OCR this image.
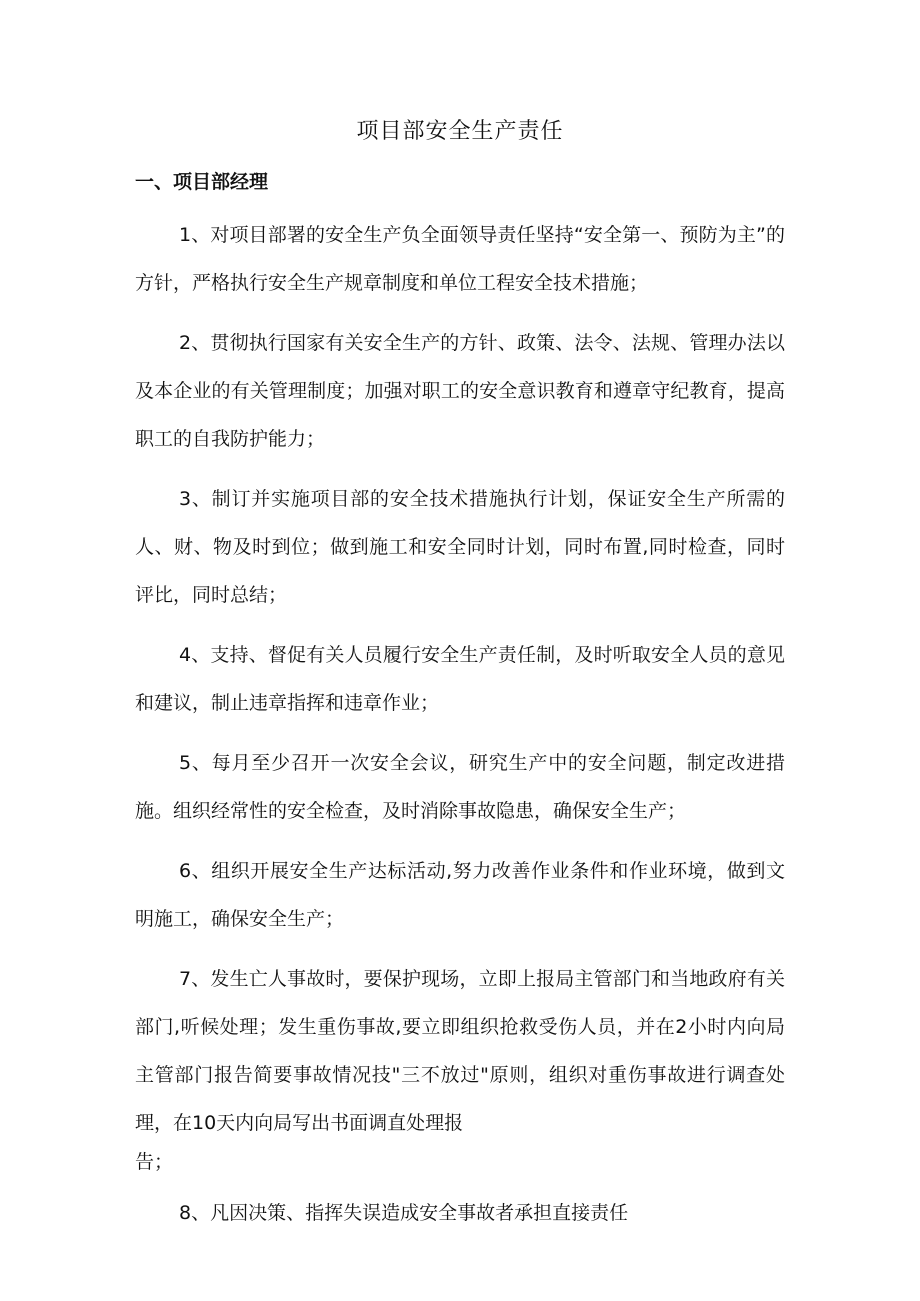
项目部安全生产责任
一、项目部经理

1、对项目部署的安全生产负全面领导责任坚持“安全第一、预防为主”的方针，严格执行安全生产规章制度和单位工程安全技术措施；

2、贯彻执行国家有关安全生产的方针、政策、法令、法规、管理办法以及本企业的有关管理制度；加强对职工的安全意识教育和遵章守纪教育，提高职工的自我防护能力；

3、制订并实施项目部的安全技术措施执行计划，保证安全生产所需的人、财、物及时到位；做到施工和安全同时计划，同时布置,同时检查，同时评比，同时总结；

4、支持、督促有关人员履行安全生产责任制，及时听取安全人员的意见和建议，制止违章指挥和违章作业；

5、每月至少召开一次安全会议，研究生产中的安全问题，制定改进措施。组织经常性的安全检查，及时消除事故隐患，确保安全生产；

6、组织开展安全生产达标活动,努力改善作业条件和作业环境，做到文明施工，确保安全生产；

7、发生亡人事故时，要保护现场，立即上报局主管部门和当地政府有关部门,听候处理；发生重伤事故,要立即组织抢救受伤人员，并在2小时内向局主管部门报告简要事故情况技"三不放过"原则，组织对重伤事故进行调查处理，在10天内向局写出书面调直处理报
告；

8、凡因决策、指挥失误造成安全事故者承担直接责任
